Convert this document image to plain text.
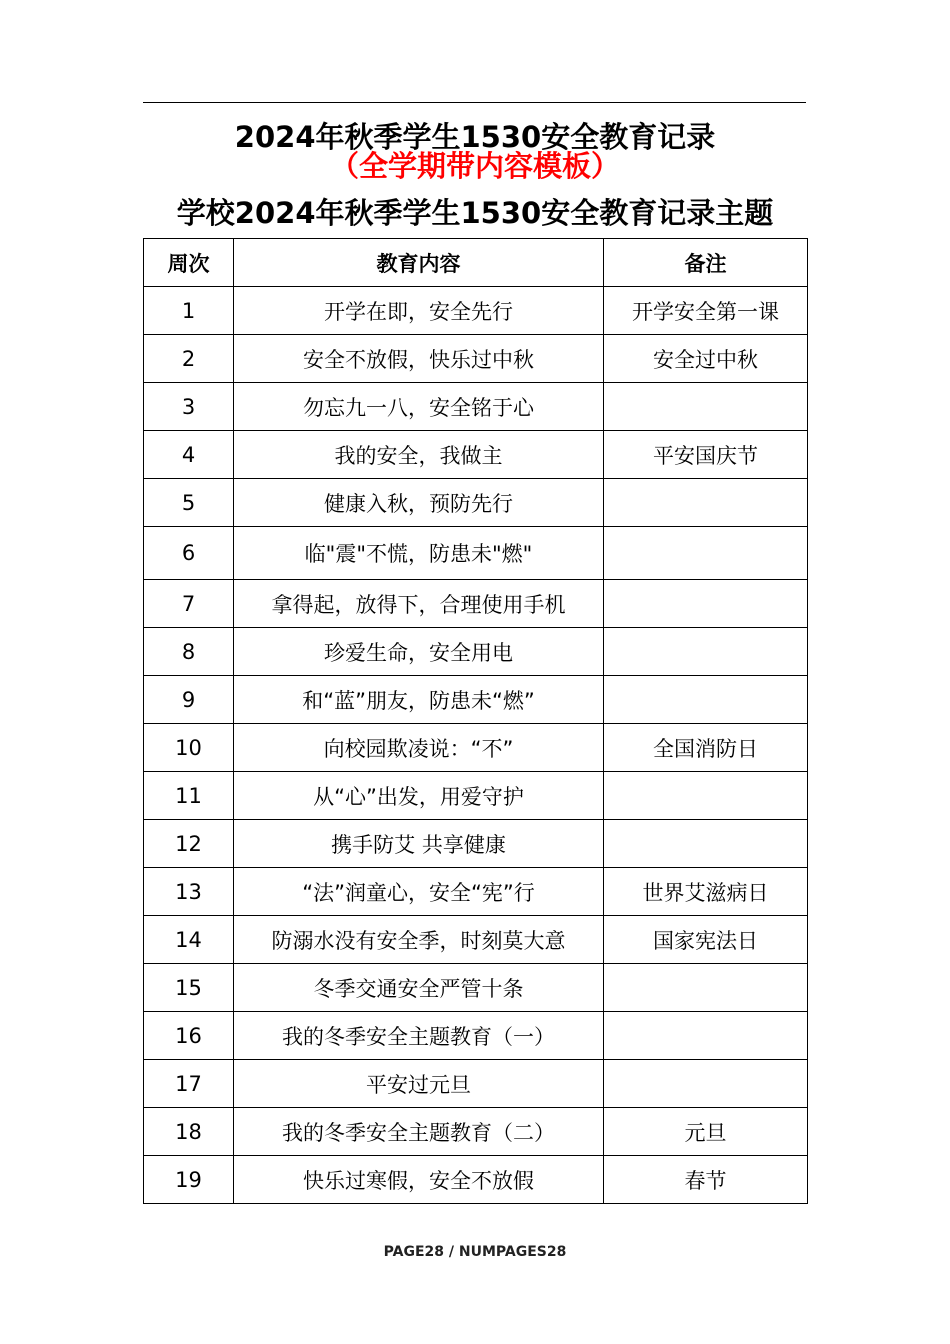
2024年秋季学生1530安全教育记录
（全学期带内容模板）
学校2024年秋季学生1530安全教育记录主题
周次	教育内容	备注
1	开学在即，安全先行	开学安全第一课
2	安全不放假，快乐过中秋	安全过中秋
3	勿忘九一八，安全铭于心	
4	我的安全，我做主	平安国庆节
5	健康入秋，预防先行	
6	临"震"不慌，防患未"燃"	
7	拿得起，放得下，合理使用手机	
8	珍爱生命，安全用电	
9	和“蓝”朋友，防患未“燃”	
10	向校园欺凌说：“不”	全国消防日
11	从“心”出发，用爱守护	
12	携手防艾 共享健康	
13	“法”润童心，安全“宪”行	世界艾滋病日
14	防溺水没有安全季，时刻莫大意	国家宪法日
15	冬季交通安全严管十条	
16	我的冬季安全主题教育（一）	
17	平安过元旦	
18	我的冬季安全主题教育（二）	元旦
19	快乐过寒假，安全不放假	春节
PAGE28 / NUMPAGES28
